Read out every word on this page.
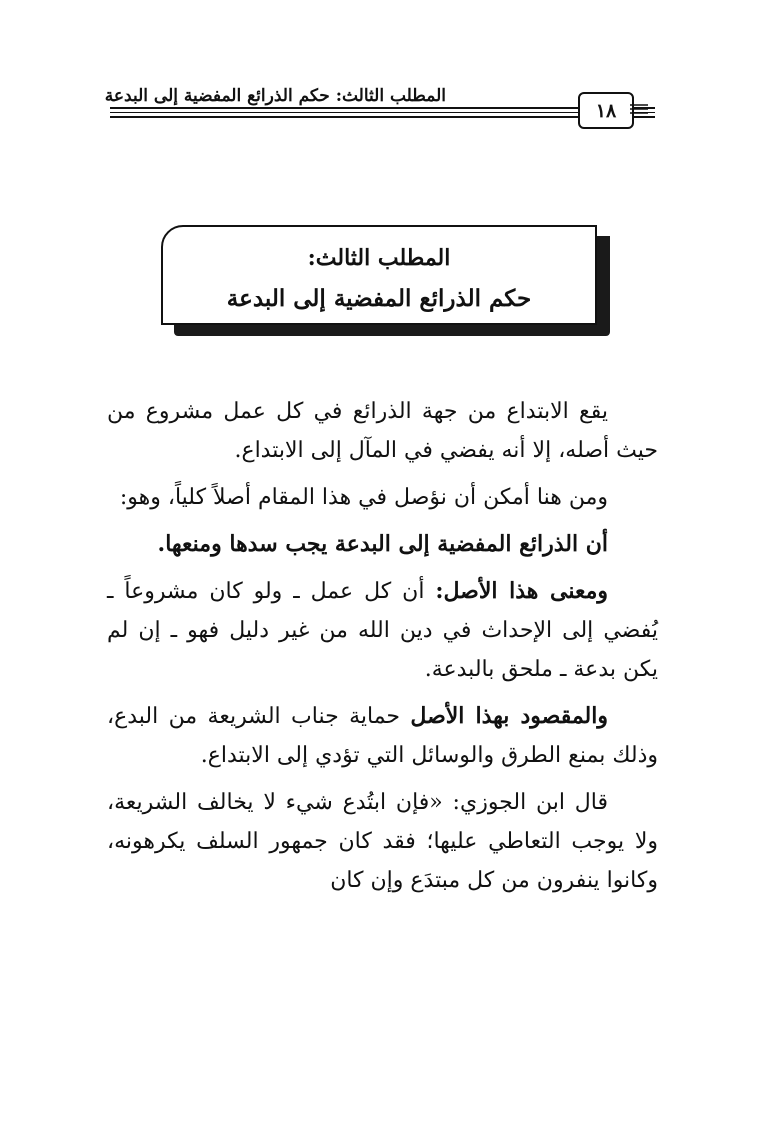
المطلب الثالث: حكم الذرائع المفضية إلى البدعة
١٨
المطلب الثالث:
حكم الذرائع المفضية إلى البدعة

يقع الابتداع من جهة الذرائع في كل عمل مشروع من حيث أصله، إلا أنه يفضي في المآل إلى الابتداع.

ومن هنا أمكن أن نؤصل في هذا المقام أصلاً كلياً، وهو:

أن الذرائع المفضية إلى البدعة يجب سدها ومنعها.

ومعنى هذا الأصل: أن كل عمل ـ ولو كان مشروعاً ـ يُفضي إلى الإحداث في دين الله من غير دليل فهو ـ إن لم يكن بدعة ـ ملحق بالبدعة.

والمقصود بهذا الأصل حماية جناب الشريعة من البدع، وذلك بمنع الطرق والوسائل التي تؤدي إلى الابتداع.

قال ابن الجوزي: «فإن ابتُدع شيء لا يخالف الشريعة، ولا يوجب التعاطي عليها؛ فقد كان جمهور السلف يكرهونه، وكانوا ينفرون من كل مبتدَع وإن كان
